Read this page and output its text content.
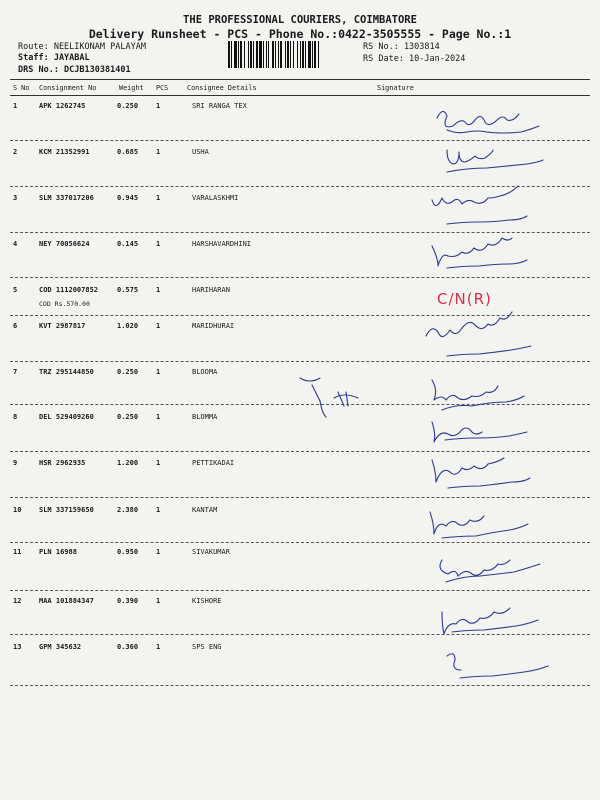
THE PROFESSIONAL COURIERS, COIMBATORE
Delivery Runsheet - PCS - Phone No.:0422-3505555 - Page No.:1
Route: NEELIKONAM PALAYAM
Staff: JAYABAL
DRS No.: DCJB130381401
RS No.: 1303814
RS Date: 10-Jan-2024
S No Consignment No	Weight PCS	Consignee Details	Signature
1	APK 1262745	0.250	1	SRI RANGA TEX
2	KCM 21352991	0.685	1	USHA
3	SLM 337017206	0.945	1	VARALASKHMI
4	NEY 70056624	0.145	1	HARSHAVARDHINI
5	COD 1112007852	0.575	1	HARIHARAN
COD Rs.570.00
6	KVT 2987817	1.020	1	MARIDHURAI
7	TRZ 295144850	0.250	1	BLOOMA
8	DEL 529409260	0.250	1	BLOMMA
9	HSR 2962935	1.200	1	PETTIKADAI
10	SLM 337159650	2.380	1	KANTAM
11	PLN 16988	0.950	1	SIVAKUMAR
12	MAA 101884347	0.390	1	KISHORE
13	GPM 345632	0.360	1	SPS ENG
C/N(R)
